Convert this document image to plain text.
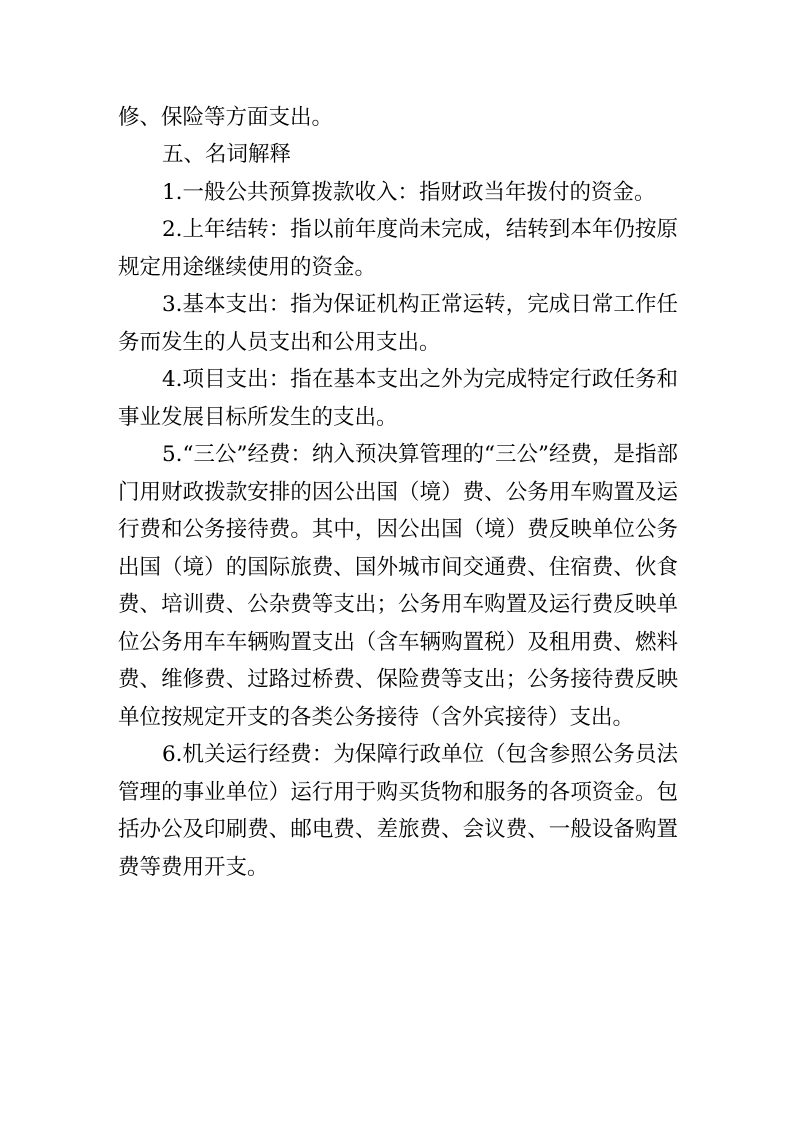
修、保险等方面支出。
五、名词解释
1.一般公共预算拨款收入：指财政当年拨付的资金。
2.上年结转：指以前年度尚未完成，结转到本年仍按原
规定用途继续使用的资金。
3.基本支出：指为保证机构正常运转，完成日常工作任
务而发生的人员支出和公用支出。
4.项目支出：指在基本支出之外为完成特定行政任务和
事业发展目标所发生的支出。
5.“三公”经费：纳入预决算管理的“三公”经费，是指部
门用财政拨款安排的因公出国（境）费、公务用车购置及运
行费和公务接待费。其中，因公出国（境）费反映单位公务
出国（境）的国际旅费、国外城市间交通费、住宿费、伙食
费、培训费、公杂费等支出；公务用车购置及运行费反映单
位公务用车车辆购置支出（含车辆购置税）及租用费、燃料
费、维修费、过路过桥费、保险费等支出；公务接待费反映
单位按规定开支的各类公务接待（含外宾接待）支出。
6.机关运行经费：为保障行政单位（包含参照公务员法
管理的事业单位）运行用于购买货物和服务的各项资金。包
括办公及印刷费、邮电费、差旅费、会议费、一般设备购置
费等费用开支。
